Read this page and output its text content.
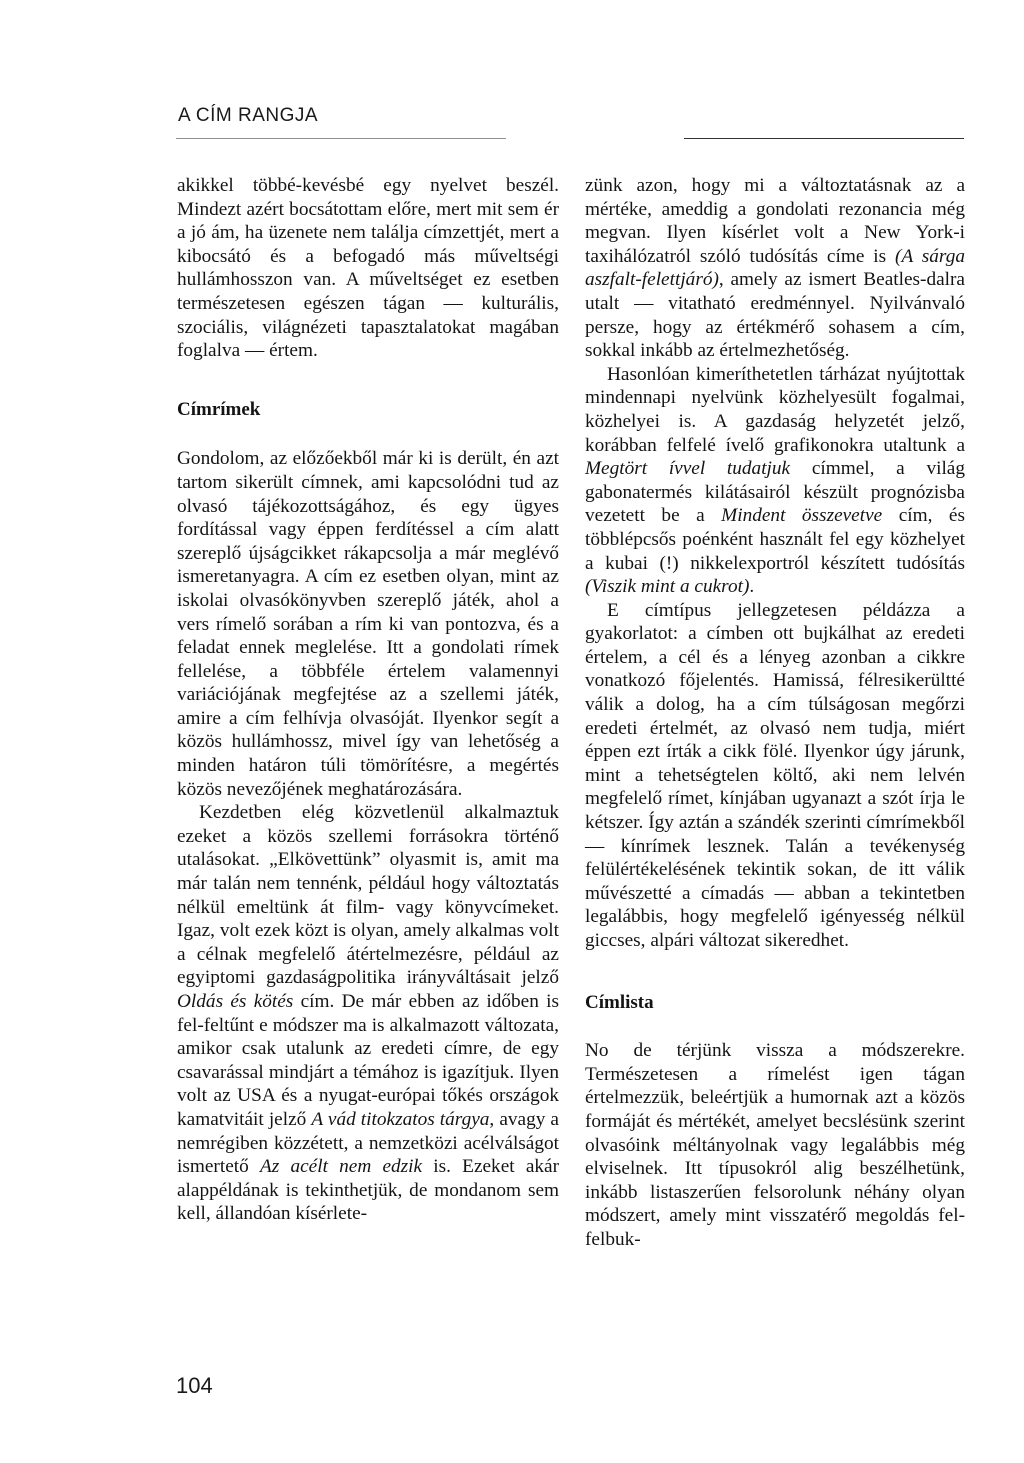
A CÍM RANGJA

akikkel többé-kevésbé egy nyelvet beszél. Mindezt azért bocsátottam előre, mert mit sem ér a jó ám, ha üzenete nem találja címzettjét, mert a kibocsátó és a befogadó más műveltségi hullámhosszon van. A műveltséget ez esetben természetesen egészen tágan — kulturális, szociális, világnézeti tapasztalatokat magában foglalva — értem.

Címrímek

Gondolom, az előzőekből már ki is derült, én azt tartom sikerült címnek, ami kapcsolódni tud az olvasó tájékozottságához, és egy ügyes fordítással vagy éppen ferdítéssel a cím alatt szereplő újságcikket rákapcsolja a már meglévő ismeretanyagra. A cím ez esetben olyan, mint az iskolai olvasókönyvben szereplő játék, ahol a vers rímelő sorában a rím ki van pontozva, és a feladat ennek meglelése. Itt a gondolati rímek fellelése, a többféle értelem valamennyi variációjának megfejtése az a szellemi játék, amire a cím felhívja olvasóját. Ilyenkor segít a közös hullámhossz, mivel így van lehetőség a minden határon túli tömörítésre, a megértés közös nevezőjének meghatározására.

Kezdetben elég közvetlenül alkalmaztuk ezeket a közös szellemi forrásokra történő utalásokat. „Elkövettünk” olyasmit is, amit ma már talán nem tennénk, például hogy változtatás nélkül emeltünk át film- vagy könyvcímeket. Igaz, volt ezek közt is olyan, amely alkalmas volt a célnak megfelelő átértelmezésre, például az egyiptomi gazdaságpolitika irányváltásait jelző Oldás és kötés cím. De már ebben az időben is fel-feltűnt e módszer ma is alkalmazott változata, amikor csak utalunk az eredeti címre, de egy csavarással mindjárt a témához is igazítjuk. Ilyen volt az USA és a nyugat-európai tőkés országok kamatvitáit jelző A vád titokzatos tárgya, avagy a nemrégiben közzétett, a nemzetközi acélválságot ismertető Az acélt nem edzik is. Ezeket akár alappéldának is tekinthetjük, de mondanom sem kell, állandóan kísérlete-

zünk azon, hogy mi a változtatásnak az a mértéke, ameddig a gondolati rezonancia még megvan. Ilyen kísérlet volt a New York-i taxihálózatról szóló tudósítás címe is (A sárga aszfalt-felettjáró), amely az ismert Beatles-dalra utalt — vitatható eredménnyel. Nyilvánvaló persze, hogy az értékmérő sohasem a cím, sokkal inkább az értelmezhetőség.

Hasonlóan kimeríthetetlen tárházat nyújtottak mindennapi nyelvünk közhelyesült fogalmai, közhelyei is. A gazdaság helyzetét jelző, korábban felfelé ívelő grafikonokra utaltunk a Megtört ívvel tudatjuk címmel, a világ gabonatermés kilátásairól készült prognózisba vezetett be a Mindent összevetve cím, és többlépcsős poénként használt fel egy közhelyet a kubai (!) nikkelexportról készített tudósítás (Viszik mint a cukrot).

E címtípus jellegzetesen példázza a gyakorlatot: a címben ott bujkálhat az eredeti értelem, a cél és a lényeg azonban a cikkre vonatkozó főjelentés. Hamissá, félresikerültté válik a dolog, ha a cím túlságosan megőrzi eredeti értelmét, az olvasó nem tudja, miért éppen ezt írták a cikk fölé. Ilyenkor úgy járunk, mint a tehetségtelen költő, aki nem lelvén megfelelő rímet, kínjában ugyanazt a szót írja le kétszer. Így aztán a szándék szerinti címrímekből — kínrímek lesznek. Talán a tevékenység felülértékelésének tekintik sokan, de itt válik művészetté a címadás — abban a tekintetben legalábbis, hogy megfelelő igényesség nélkül giccses, alpári változat sikeredhet.

Címlista

No de térjünk vissza a módszerekre. Természetesen a rímelést igen tágan értelmezzük, beleértjük a humornak azt a közös formáját és mértékét, amelyet becslésünk szerint olvasóink méltányolnak vagy legalábbis még elviselnek. Itt típusokról alig beszélhetünk, inkább listaszerűen felsorolunk néhány olyan módszert, amely mint visszatérő megoldás fel-felbuk-

104
